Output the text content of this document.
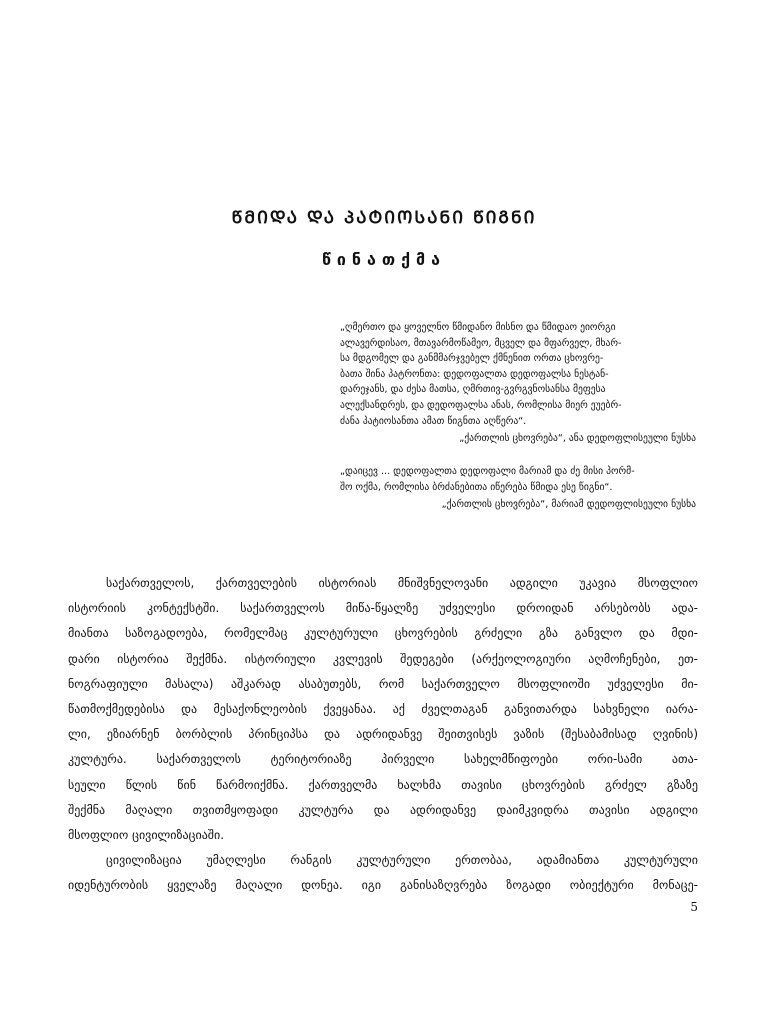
ᲬᲛᲘᲓᲐ ᲓᲐ ᲞᲐᲢᲘᲝᲡᲐᲜᲘ ᲬᲘᲒᲜᲘ
წინათქმა
„ღმერთო და ყოველნო წმიდანო მისნო და წმიდაო ეიორგი
ალავერდისაო, მთავარმოწამეო, მცველ და მფარველ, მხარ-
სა მდგომელ და განმმარჯვებელ ქმნენით ორთა ცხოვრე-
ბათა შინა პატრონთა: დედოფალთა დედოფალსა ნესტან-
დარეჯანს, და ძესა მათსა, ღმრთივ-გვრგვნოსანსა მეფესა
ალექსანდრეს, და დედოფალსა ანას, რომლისა მიერ ეუებრ-
ძანა პატიოსანთა ამათ წიგნთა აღწერა“.
„ქართლის ცხოვრება“, ანა დედოფლისეული ნუსხა
„დაიცევ ... დედოფალთა დედოფალი მარიამ და ძე მისი პორმ-
შო ოქმა, რომლისა ბრძანებითა იწერება წმიდა ესე წიგნი“.
„ქართლის ცხოვრება“, მარიამ დედოფლისეული ნუსხა
საქართველოს, ქართველების ისტორიას მნიშვნელოვანი ადგილი უკავია მსოფლიო
ისტორიის კონტექსტში. საქართველოს მიწა-წყალზე უძველესი დროიდან არსებობს ადა-
მიანთა საზოგადოება, რომელმაც კულტურული ცხოვრების გრძელი გზა განვლო და მდი-
დარი ისტორია შექმნა. ისტორიული კვლევის შედეგები (არქეოლოგიური აღმოჩენები, ეთ-
ნოგრაფიული მასალა) აშკარად ასაბუთებს, რომ საქართველო მსოფლიოში უძველესი მი-
წათმოქმედებისა და მესაქონლეობის ქვეყანაა. აქ ძველთაგან განვითარდა სახვნელი იარა-
ლი, ეზიარნენ ბორბლის პრინციპსა და ადრიდანვე შეითვისეს ვაზის (შესაბამისად ღვინის)
კულტურა. საქართველოს ტერიტორიაზე პირველი სახელმწიფოები ორი-სამი ათა-
სეული წლის წინ წარმოიქმნა. ქართველმა ხალხმა თავისი ცხოვრების გრძელ გზაზე
შექმნა მაღალი თვითმყოფადი კულტურა და ადრიდანვე დაიმკვიდრა თავისი ადგილი
მსოფლიო ცივილიზაციაში.
ცივილიზაცია უმაღლესი რანგის კულტურული ერთობაა, ადამიანთა კულტურული
იდენტურობის ყველაზე მაღალი დონეა. იგი განისაზღვრება ზოგადი ობიექტური მონაცე-
5
